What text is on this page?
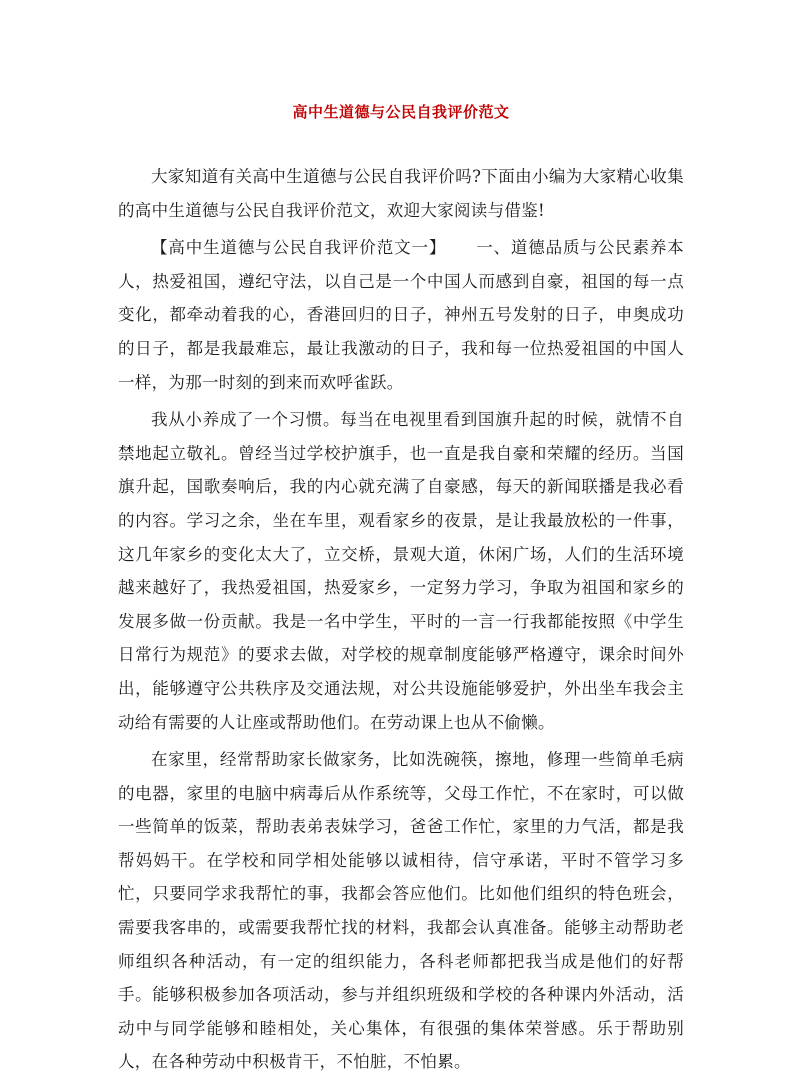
高中生道德与公民自我评价范文

大家知道有关高中生道德与公民自我评价吗?下面由小编为大家精心收集的高中生道德与公民自我评价范文，欢迎大家阅读与借鉴!

【高中生道德与公民自我评价范文一】 一、道德品质与公民素养本人，热爱祖国，遵纪守法，以自己是一个中国人而感到自豪，祖国的每一点变化，都牵动着我的心，香港回归的日子，神州五号发射的日子，申奥成功的日子，都是我最难忘，最让我激动的日子，我和每一位热爱祖国的中国人一样，为那一时刻的到来而欢呼雀跃。

我从小养成了一个习惯。每当在电视里看到国旗升起的时候，就情不自禁地起立敬礼。曾经当过学校护旗手，也一直是我自豪和荣耀的经历。当国旗升起，国歌奏响后，我的内心就充满了自豪感，每天的新闻联播是我必看的内容。学习之余，坐在车里，观看家乡的夜景，是让我最放松的一件事，这几年家乡的变化太大了，立交桥，景观大道，休闲广场，人们的生活环境越来越好了，我热爱祖国，热爱家乡，一定努力学习，争取为祖国和家乡的发展多做一份贡献。我是一名中学生，平时的一言一行我都能按照《中学生日常行为规范》的要求去做，对学校的规章制度能够严格遵守，课余时间外出，能够遵守公共秩序及交通法规，对公共设施能够爱护，外出坐车我会主动给有需要的人让座或帮助他们。在劳动课上也从不偷懒。

在家里，经常帮助家长做家务，比如洗碗筷，擦地，修理一些简单毛病的电器，家里的电脑中病毒后从作系统等，父母工作忙，不在家时，可以做一些简单的饭菜，帮助表弟表妹学习，爸爸工作忙，家里的力气活，都是我帮妈妈干。在学校和同学相处能够以诚相待，信守承诺，平时不管学习多忙，只要同学求我帮忙的事，我都会答应他们。比如他们组织的特色班会，需要我客串的，或需要我帮忙找的材料，我都会认真准备。能够主动帮助老师组织各种活动，有一定的组织能力，各科老师都把我当成是他们的好帮手。能够积极参加各项活动，参与并组织班级和学校的各种课内外活动，活动中与同学能够和睦相处，关心集体，有很强的集体荣誉感。乐于帮助别人，在各种劳动中积极肯干，不怕脏，不怕累。
